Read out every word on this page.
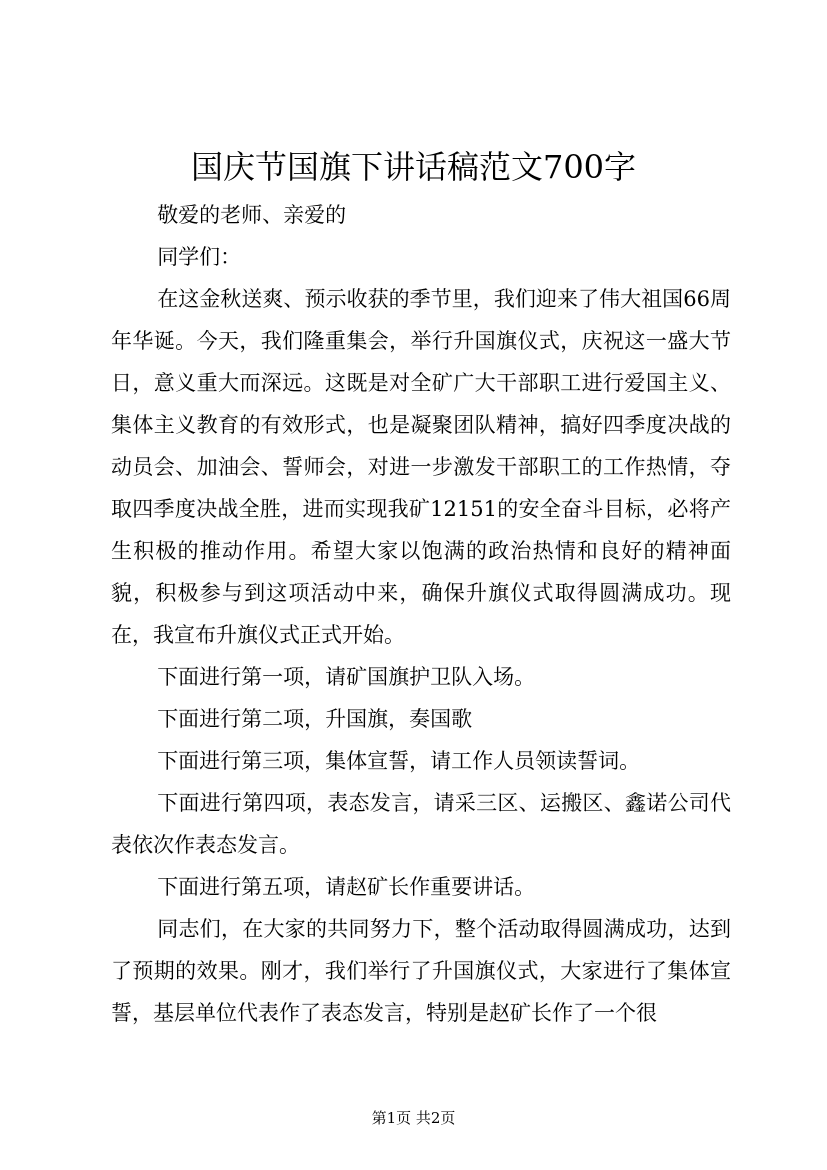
国庆节国旗下讲话稿范文700字

敬爱的老师、亲爱的

同学们：

在这金秋送爽、预示收获的季节里，我们迎来了伟大祖国66周年华诞。今天，我们隆重集会，举行升国旗仪式，庆祝这一盛大节日，意义重大而深远。这既是对全矿广大干部职工进行爱国主义、集体主义教育的有效形式，也是凝聚团队精神，搞好四季度决战的动员会、加油会、誓师会，对进一步激发干部职工的工作热情，夺取四季度决战全胜，进而实现我矿12151的安全奋斗目标，必将产生积极的推动作用。希望大家以饱满的政治热情和良好的精神面貌，积极参与到这项活动中来，确保升旗仪式取得圆满成功。现在，我宣布升旗仪式正式开始。

下面进行第一项，请矿国旗护卫队入场。

下面进行第二项，升国旗，奏国歌

下面进行第三项，集体宣誓，请工作人员领读誓词。

下面进行第四项，表态发言，请采三区、运搬区、鑫诺公司代表依次作表态发言。

下面进行第五项，请赵矿长作重要讲话。

同志们，在大家的共同努力下，整个活动取得圆满成功，达到了预期的效果。刚才，我们举行了升国旗仪式，大家进行了集体宣誓，基层单位代表作了表态发言，特别是赵矿长作了一个很

第1页 共2页
